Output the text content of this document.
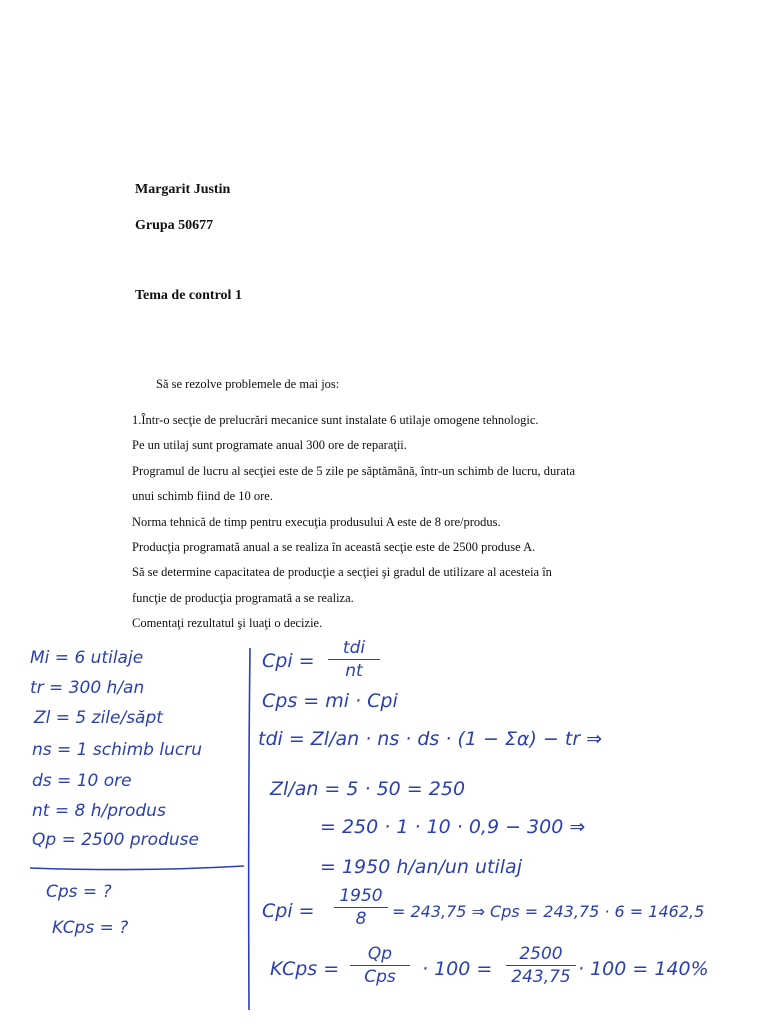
Margarit Justin
Grupa 50677
Tema de control 1
Să se rezolve problemele de mai jos:
1.Într-o secţie de prelucrări mecanice sunt instalate 6 utilaje omogene tehnologic.
Pe un utilaj sunt programate anual 300 ore de reparaţii.
Programul de lucru al secţiei este de 5 zile pe săptămână, într-un schimb de lucru, durata
unui schimb fiind de 10 ore.
Norma tehnică de timp pentru execuţia produsului A este de 8 ore/produs.
Producţia programată anual a se realiza în această secţie este de 2500 produse A.
Să se determine capacitatea de producţie a secţiei şi gradul de utilizare al acesteia în
funcţie de producţia programată a se realiza.
Comentaţi rezultatul şi luaţi o decizie.
Mi = 6 utilaje
tr = 300 h/an
Zl = 5 zile/săpt
ns = 1 schimb lucru
ds = 10 ore
nt = 8 h/produs
Qp = 2500 produse
Cps = ?
KCps = ?
Cpi =
tdi
nt
Cps = mi · Cpi
tdi = Zl/an · ns · ds · (1 − Ʃα) − tr ⇒
Zl/an = 5 · 50 = 250
= 250 · 1 · 10 · 0,9 − 300 ⇒
= 1950 h/an/un utilaj
Cpi =
1950
8	= 243,75 ⇒ Cps = 243,75 · 6 = 1462,5
KCps =
Qp
Cps	· 100 =
2500
243,75 · 100 = 140%
